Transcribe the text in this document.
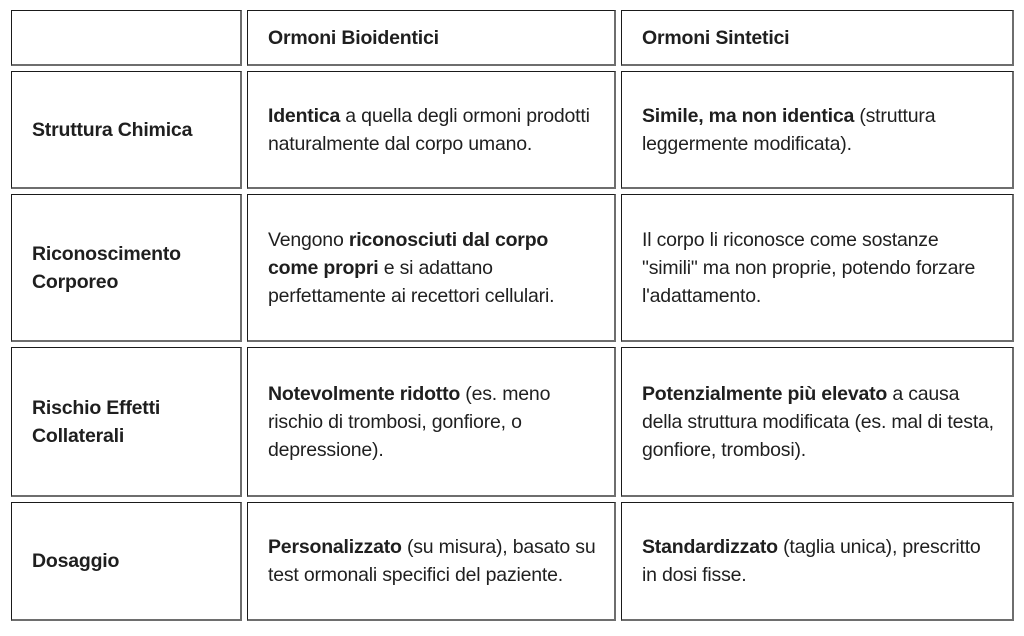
	Ormoni Bioidentici	Ormoni Sintetici
Struttura Chimica	Identica a quella degli ormoni prodotti naturalmente dal corpo umano.	Simile, ma non identica (struttura leggermente modificata).
Riconoscimento Corporeo	Vengono riconosciuti dal corpo come propri e si adattano perfettamente ai recettori cellulari.	Il corpo li riconosce come sostanze "simili" ma non proprie, potendo forzare l'adattamento.
Rischio Effetti Collaterali	Notevolmente ridotto (es. meno rischio di trombosi, gonfiore, o depressione).	Potenzialmente più elevato a causa della struttura modificata (es. mal di testa, gonfiore, trombosi).
Dosaggio	Personalizzato (su misura), basato su test ormonali specifici del paziente.	Standardizzato (taglia unica), prescritto in dosi fisse.
